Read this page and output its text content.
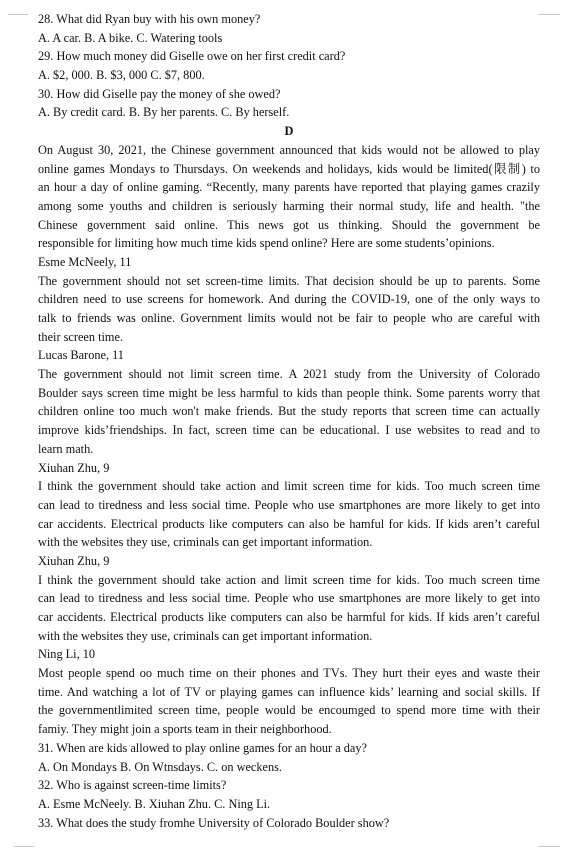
28. What did Ryan buy with his own money?
A. A car. B. A bike. C. Watering tools
29. How much money did Giselle owe on her first credit card?
A. $2, 000. B. $3, 000 C. $7, 800.
30. How did Giselle pay the money of she owed?
A. By credit card. B. By her parents. C. By herself.
D
On August 30, 2021, the Chinese government announced that kids would not be allowed to play
online games Mondays to Thursdays. On weekends and holidays, kids would be limited(限制) to
an hour a day of online gaming. “Recently, many parents have reported that playing games crazily
among some youths and children is seriously harming their normal study, life and health. "the
Chinese government said online. This news got us thinking. Should the government be
responsible for limiting how much time kids spend online? Here are some students’opinions.
Esme McNeely, 11
The government should not set screen-time limits. That decision should be up to parents. Some
children need to use screens for homework. And during the COVID-19, one of the only ways to
talk to friends was online. Government limits would not be fair to people who are careful with
their screen time.
Lucas Barone, 11
The government should not limit screen time. A 2021 study from the University of Colorado
Boulder says screen time might be less harmful to kids than people think. Some parents worry that
children online too much won't make friends. But the study reports that screen time can actually
improve kids’friendships. In fact, screen time can be educational. I use websites to read and to
learn math.
Xiuhan Zhu, 9
I think the government should take action and limit screen time for kids. Too much screen time
can lead to tiredness and less social time. People who use smartphones are more likely to get into
car accidents. Electrical products like computers can also be hamful for kids. If kids aren’t careful
with the websites they use, criminals can get important information.
Xiuhan Zhu, 9
I think the government should take action and limit screen time for kids. Too much screen time
can lead to tiredness and less social time. People who use smartphones are more likely to get into
car accidents. Electrical products like computers can also be harmful for kids. If kids aren’t careful
with the websites they use, criminals can get important information.
Ning Li, 10
Most people spend oo much time on their phones and TVs. They hurt their eyes and waste their
time. And watching a lot of TV or playing games can influence kids’ learning and social skills. If
the governmentlimited screen time, people would be encoumged to spend more time with their
famiy. They might join a sports team in their neighborhood.
31. When are kids allowed to play online games for an hour a day?
A. On Mondays B. On Wtnsdays. C. on weckens.
32. Who is against screen-time limits?
A. Esme McNeely. B. Xiuhan Zhu. C. Ning Li.
33. What does the study fromhe University of Colorado Boulder show?
